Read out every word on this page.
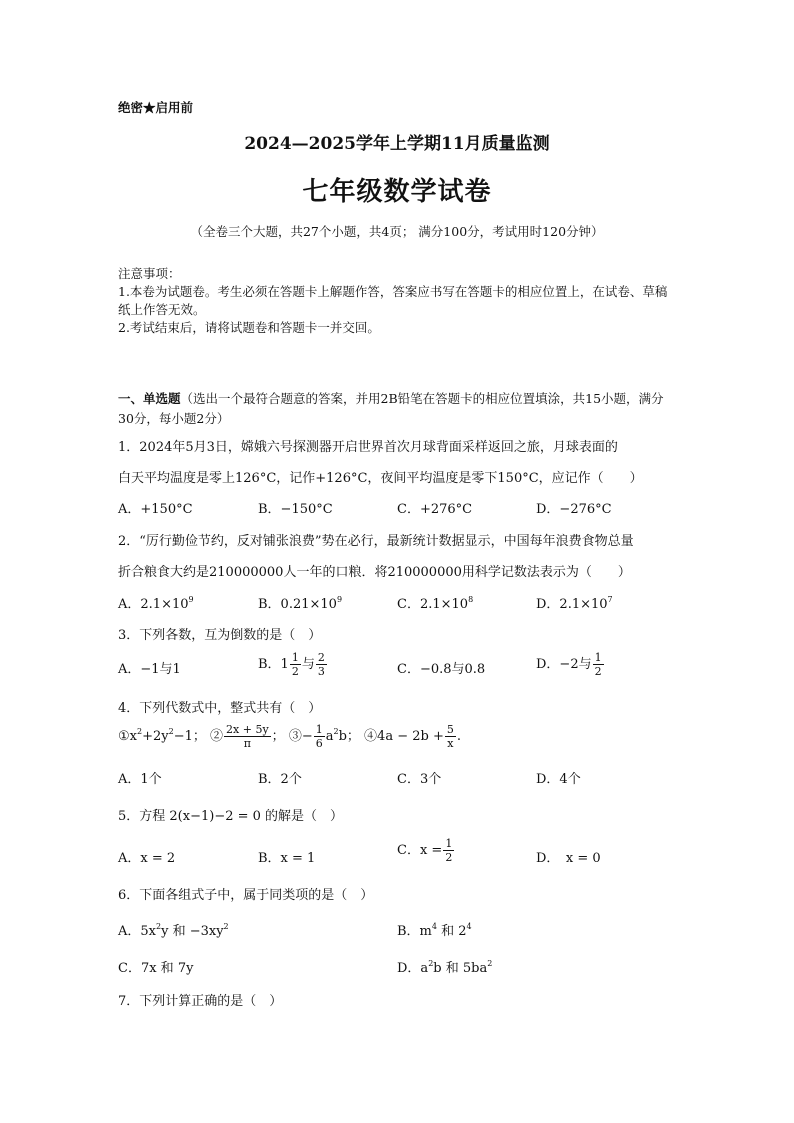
绝密★启用前
2024—2025学年上学期11月质量监测
七年级数学试卷
（全卷三个大题，共27个小题，共4页； 满分100分，考试用时120分钟）
注意事项：
1.本卷为试题卷。考生必须在答题卡上解题作答，答案应书写在答题卡的相应位置上，在试卷、草稿纸上作答无效。
2.考试结束后，请将试题卷和答题卡一并交回。
一、单选题（选出一个最符合题意的答案，并用2B铅笔在答题卡的相应位置填涂，共15小题，满分30分，每小题2分）
1．2024年5月3日，嫦娥六号探测器开启世界首次月球背面采样返回之旅，月球表面的
白天平均温度是零上126°C，记作+126°C，夜间平均温度是零下150°C，应记作（　　）
A．+150°C	B．−150°C	C．+276°C	D．−276°C
2．“厉行勤俭节约，反对铺张浪费”势在必行，最新统计数据显示，中国每年浪费食物总量
折合粮食大约是210000000人一年的口粮．将210000000用科学记数法表示为（　　）
A．$2.1\times 10^9$	B．$0.21\times 10^9$	C．$2.1\times 10^8$	D．$2.1\times 10^7$
3．下列各数，互为倒数的是（　）
A．−1与1	B．$1 \frac{1}{2}$ 与 $\frac{2}{3}$	C．−0.8与0.8	D．−2与 $\frac{1}{2}$
4．下列代数式中，整式共有（　）
$①x^2+2y^2-1$； ② $\frac{2x + 5y}{\pi}$ ； ③− $\frac{1}{6} a^2b$； ④4a − $2b + \frac{5}{x}$ .
A．1个	B．2个	C．3个	D．4个
5．方程 2(x−1)−2 = 0 的解是（　）
A．x = 2	B．x = 1
C．$x = \frac{1}{2}$	D．　x = 0
6．下面各组式子中，属于同类项的是（　）
A．$5x^2y$ 和 $-3xy^2$	B．$m^4$ 和 $2^4$
C．7x 和 7y	D．$a^2b$ 和 $5ba^2$
7．下列计算正确的是（　）
